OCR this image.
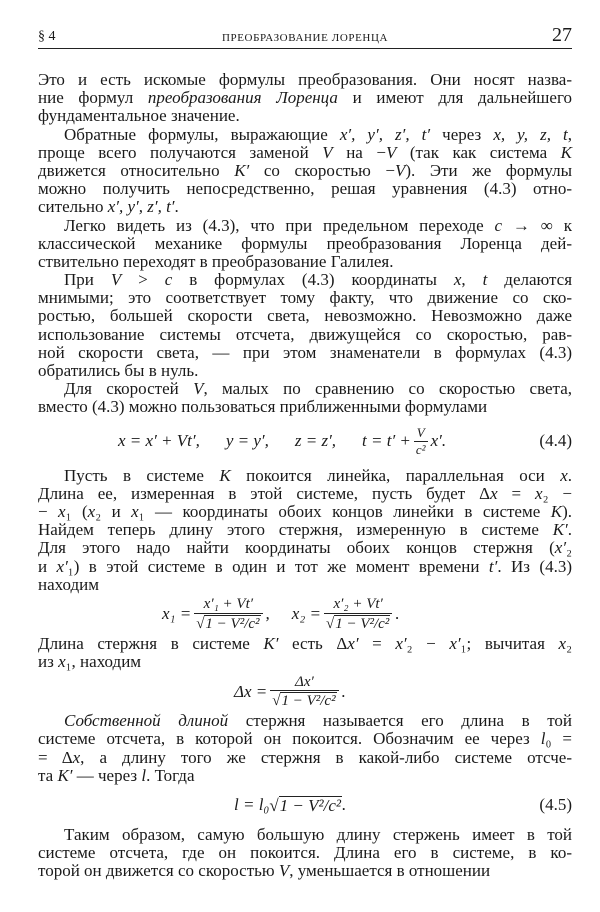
§ 4	ПРЕОБРАЗОВАНИЕ ЛОРЕНЦА	27
Это и есть искомые формулы преобразования. Они носят назва-
ние формул преобразования Лоренца и имеют для дальнейшего
фундаментальное значение.
Обратные формулы, выражающие x′, y′, z′, t′ через x, y, z, t,
проще всего получаются заменой V на −V (так как система K
движется относительно K′ со скоростью −V). Эти же формулы
можно получить непосредственно, решая уравнения (4.3) отно-
сительно x′, y′, z′, t′.
Легко видеть из (4.3), что при предельном переходе c → ∞ к
классической механике формулы преобразования Лоренца дей-
ствительно переходят в преобразование Галилея.
При V > c в формулах (4.3) координаты x, t делаются
мнимыми; это соответствует тому факту, что движение со ско-
ростью, большей скорости света, невозможно. Невозможно даже
использование системы отсчета, движущейся со скоростью, рав-
ной скорости света, — при этом знаменатели в формулах (4.3)
обратились бы в нуль.
Для скоростей V, малых по сравнению со скоростью света,
вместо (4.3) можно пользоваться приближенными формулами
x = x′ + Vt′, y = y′, z = z′, $t = t' + \frac{V}{\text{c²}} x'$.	(4.4)
Пусть в системе K покоится линейка, параллельная оси x.
Длина ее, измеренная в этой системе, пусть будет Δx = x₂ −
− x₁ (x₂ и x₁ — координаты обоих концов линейки в системе K).
Найдем теперь длину этого стержня, измеренную в системе K′.
Для этого надо найти координаты обоих концов стержня (x′₂
и x′₁) в этой системе в один и тот же момент времени t′. Из (4.3)
находим
$x_1 = \frac{\text{x′₁ + Vt′}}{\text{√ 1 − V²/c²}}$ , $x_2 = \frac{\text{x′₂ + Vt′}}{\text{√ 1 − V²/c²}}$ .
Длина стержня в системе K′ есть Δx′ = x′₂ − x′₁; вычитая x₂
из x₁, находим
$\Delta x = \frac{\Delta x'}{\text{√ 1 − V²/c²}}$ .
Собственной длиной стержня называется его длина в той
системе отсчета, в которой он покоится. Обозначим ее через l₀ =
= Δx, а длину того же стержня в какой-либо системе отсче-
та K′ — через l. Тогда
l = l₀ √ 1 − V²/c² .	(4.5)
Таким образом, самую большую длину стержень имеет в той
системе отсчета, где он покоится. Длина его в системе, в ко-
торой он движется со скоростью V, уменьшается в отношении
